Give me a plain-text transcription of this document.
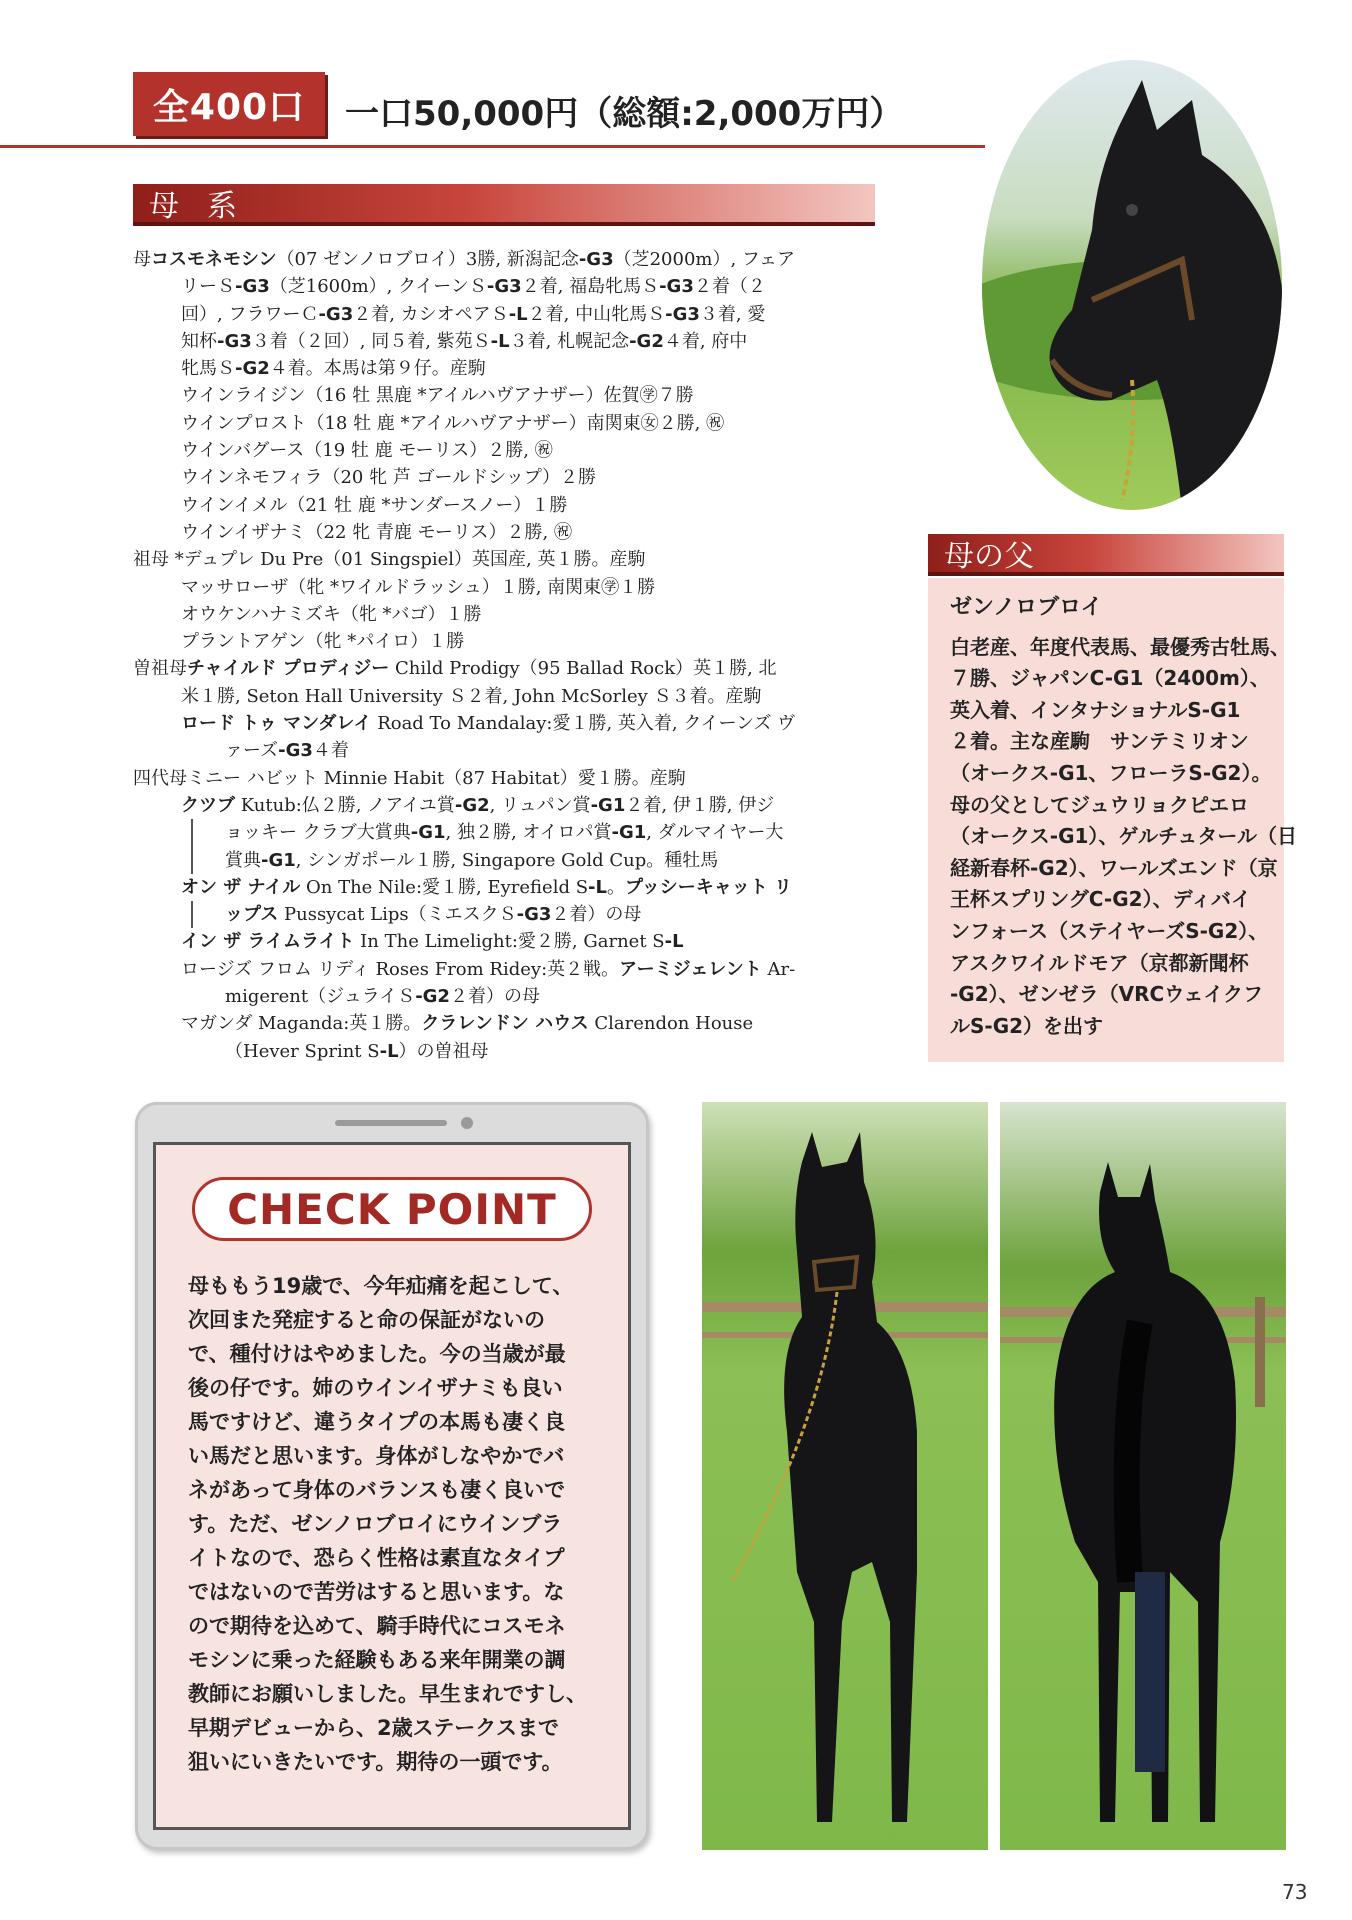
全400口	一口50,000円（総額:2,000万円）
母系
母コスモネモシン（07 ゼンノロブロイ）3勝, 新潟記念-G3（芝2000m）, フェア
リーＳ-G3（芝1600m）, クイーンＳ-G3２着, 福島牝馬Ｓ-G3２着（２
回）, フラワーＣ-G3２着, カシオペアＳ-L２着, 中山牝馬Ｓ-G3３着, 愛
知杯-G3３着（２回）, 同５着, 紫苑Ｓ-L３着, 札幌記念-G2４着, 府中
牝馬Ｓ-G2４着。本馬は第９仔。産駒
ウインライジン（16 牡 黒鹿 *アイルハヴアナザー）佐賀㊫７勝
ウインプロスト（18 牡 鹿 *アイルハヴアナザー）南関東㊛２勝, ㊗
ウインバグース（19 牡 鹿 モーリス）２勝, ㊗
ウインネモフィラ（20 牝 芦 ゴールドシップ）２勝
ウインイメル（21 牡 鹿 *サンダースノー）１勝
ウインイザナミ（22 牝 青鹿 モーリス）２勝, ㊗
祖母 *デュプレ Du Pre（01 Singspiel）英国産, 英１勝。産駒
マッサローザ（牝 *ワイルドラッシュ）１勝, 南関東㊫１勝
オウケンハナミズキ（牝 *バゴ）１勝
プラントアゲン（牝 *パイロ）１勝
曽祖母チャイルド プロディジー Child Prodigy（95 Ballad Rock）英１勝, 北
米１勝, Seton Hall University Ｓ２着, John McSorley Ｓ３着。産駒
ロード トゥ マンダレイ Road To Mandalay:愛１勝, 英入着, クイーンズ ヴ
ァーズ-G3４着
四代母ミニー ハビット Minnie Habit（87 Habitat）愛１勝。産駒
クツブ Kutub:仏２勝, ノアイユ賞-G2, リュパン賞-G1２着, 伊１勝, 伊ジ
ョッキー クラブ大賞典-G1, 独２勝, オイロパ賞-G1, ダルマイヤー大
賞典-G1, シンガポール１勝, Singapore Gold Cup。種牡馬
オン ザ ナイル On The Nile:愛１勝, Eyrefield S-L。プッシーキャット リ
ップス Pussycat Lips（ミエスクＳ-G3２着）の母
イン ザ ライムライト In The Limelight:愛２勝, Garnet S-L
ロージズ フロム リディ Roses From Ridey:英２戦。アーミジェレント Ar-
migerent（ジュライＳ-G2２着）の母
マガンダ Maganda:英１勝。クラレンドン ハウス Clarendon House
（Hever Sprint S-L）の曽祖母
母の父
ゼンノロブロイ
白老産、年度代表馬、最優秀古牡馬、
７勝、ジャパンC-G1（2400m）、
英入着、インタナショナルS-G1
２着。主な産駒　サンテミリオン
（オークス-G1、フローラS-G2）。
母の父としてジュウリョクピエロ
（オークス-G1）、ゲルチュタール（日
経新春杯-G2）、ワールズエンド（京
王杯スプリングC-G2）、ディバイ
ンフォース（ステイヤーズS-G2）、
アスクワイルドモア（京都新聞杯
-G2）、ゼンゼラ（VRCウェイクフ
ルS-G2）を出す
CHECK POINT
母ももう19歳で、今年疝痛を起こして、
次回また発症すると命の保証がないの
で、種付けはやめました。今の当歳が最
後の仔です。姉のウインイザナミも良い
馬ですけど、違うタイプの本馬も凄く良
い馬だと思います。身体がしなやかでバ
ネがあって身体のバランスも凄く良いで
す。ただ、ゼンノロブロイにウインブラ
イトなので、恐らく性格は素直なタイプ
ではないので苦労はすると思います。な
ので期待を込めて、騎手時代にコスモネ
モシンに乗った経験もある来年開業の調
教師にお願いしました。早生まれですし、
早期デビューから、2歳ステークスまで
狙いにいきたいです。期待の一頭です。
73
